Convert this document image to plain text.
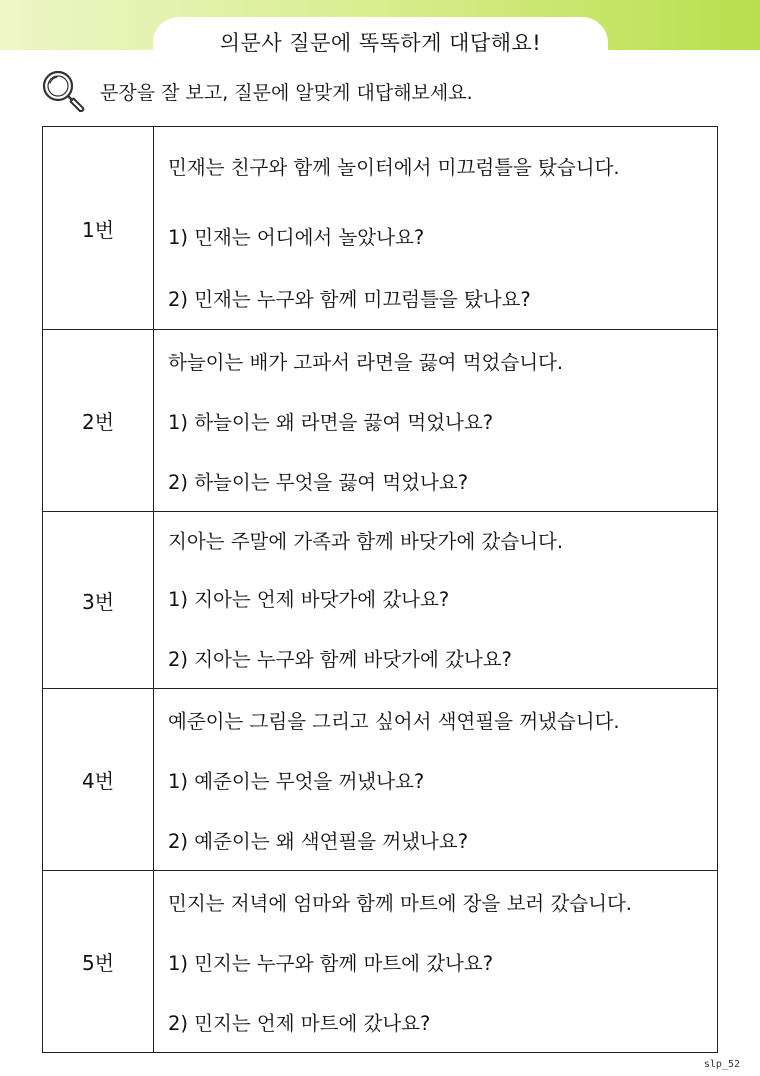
의문사 질문에 똑똑하게 대답해요!
문장을 잘 보고, 질문에 알맞게 대답해보세요.
1번	민재는 친구와 함께 놀이터에서 미끄럼틀을 탔습니다.
1) 민재는 어디에서 놀았나요?
2) 민재는 누구와 함께 미끄럼틀을 탔나요?

2번	하늘이는 배가 고파서 라면을 끓여 먹었습니다.
1) 하늘이는 왜 라면을 끓여 먹었나요?
2) 하늘이는 무엇을 끓여 먹었나요?

3번	지아는 주말에 가족과 함께 바닷가에 갔습니다.
1) 지아는 언제 바닷가에 갔나요?
2) 지아는 누구와 함께 바닷가에 갔나요?

4번	예준이는 그림을 그리고 싶어서 색연필을 꺼냈습니다.
1) 예준이는 무엇을 꺼냈나요?
2) 예준이는 왜 색연필을 꺼냈나요?

5번	민지는 저녁에 엄마와 함께 마트에 장을 보러 갔습니다.
1) 민지는 누구와 함께 마트에 갔나요?
2) 민지는 언제 마트에 갔나요?
slp_52
